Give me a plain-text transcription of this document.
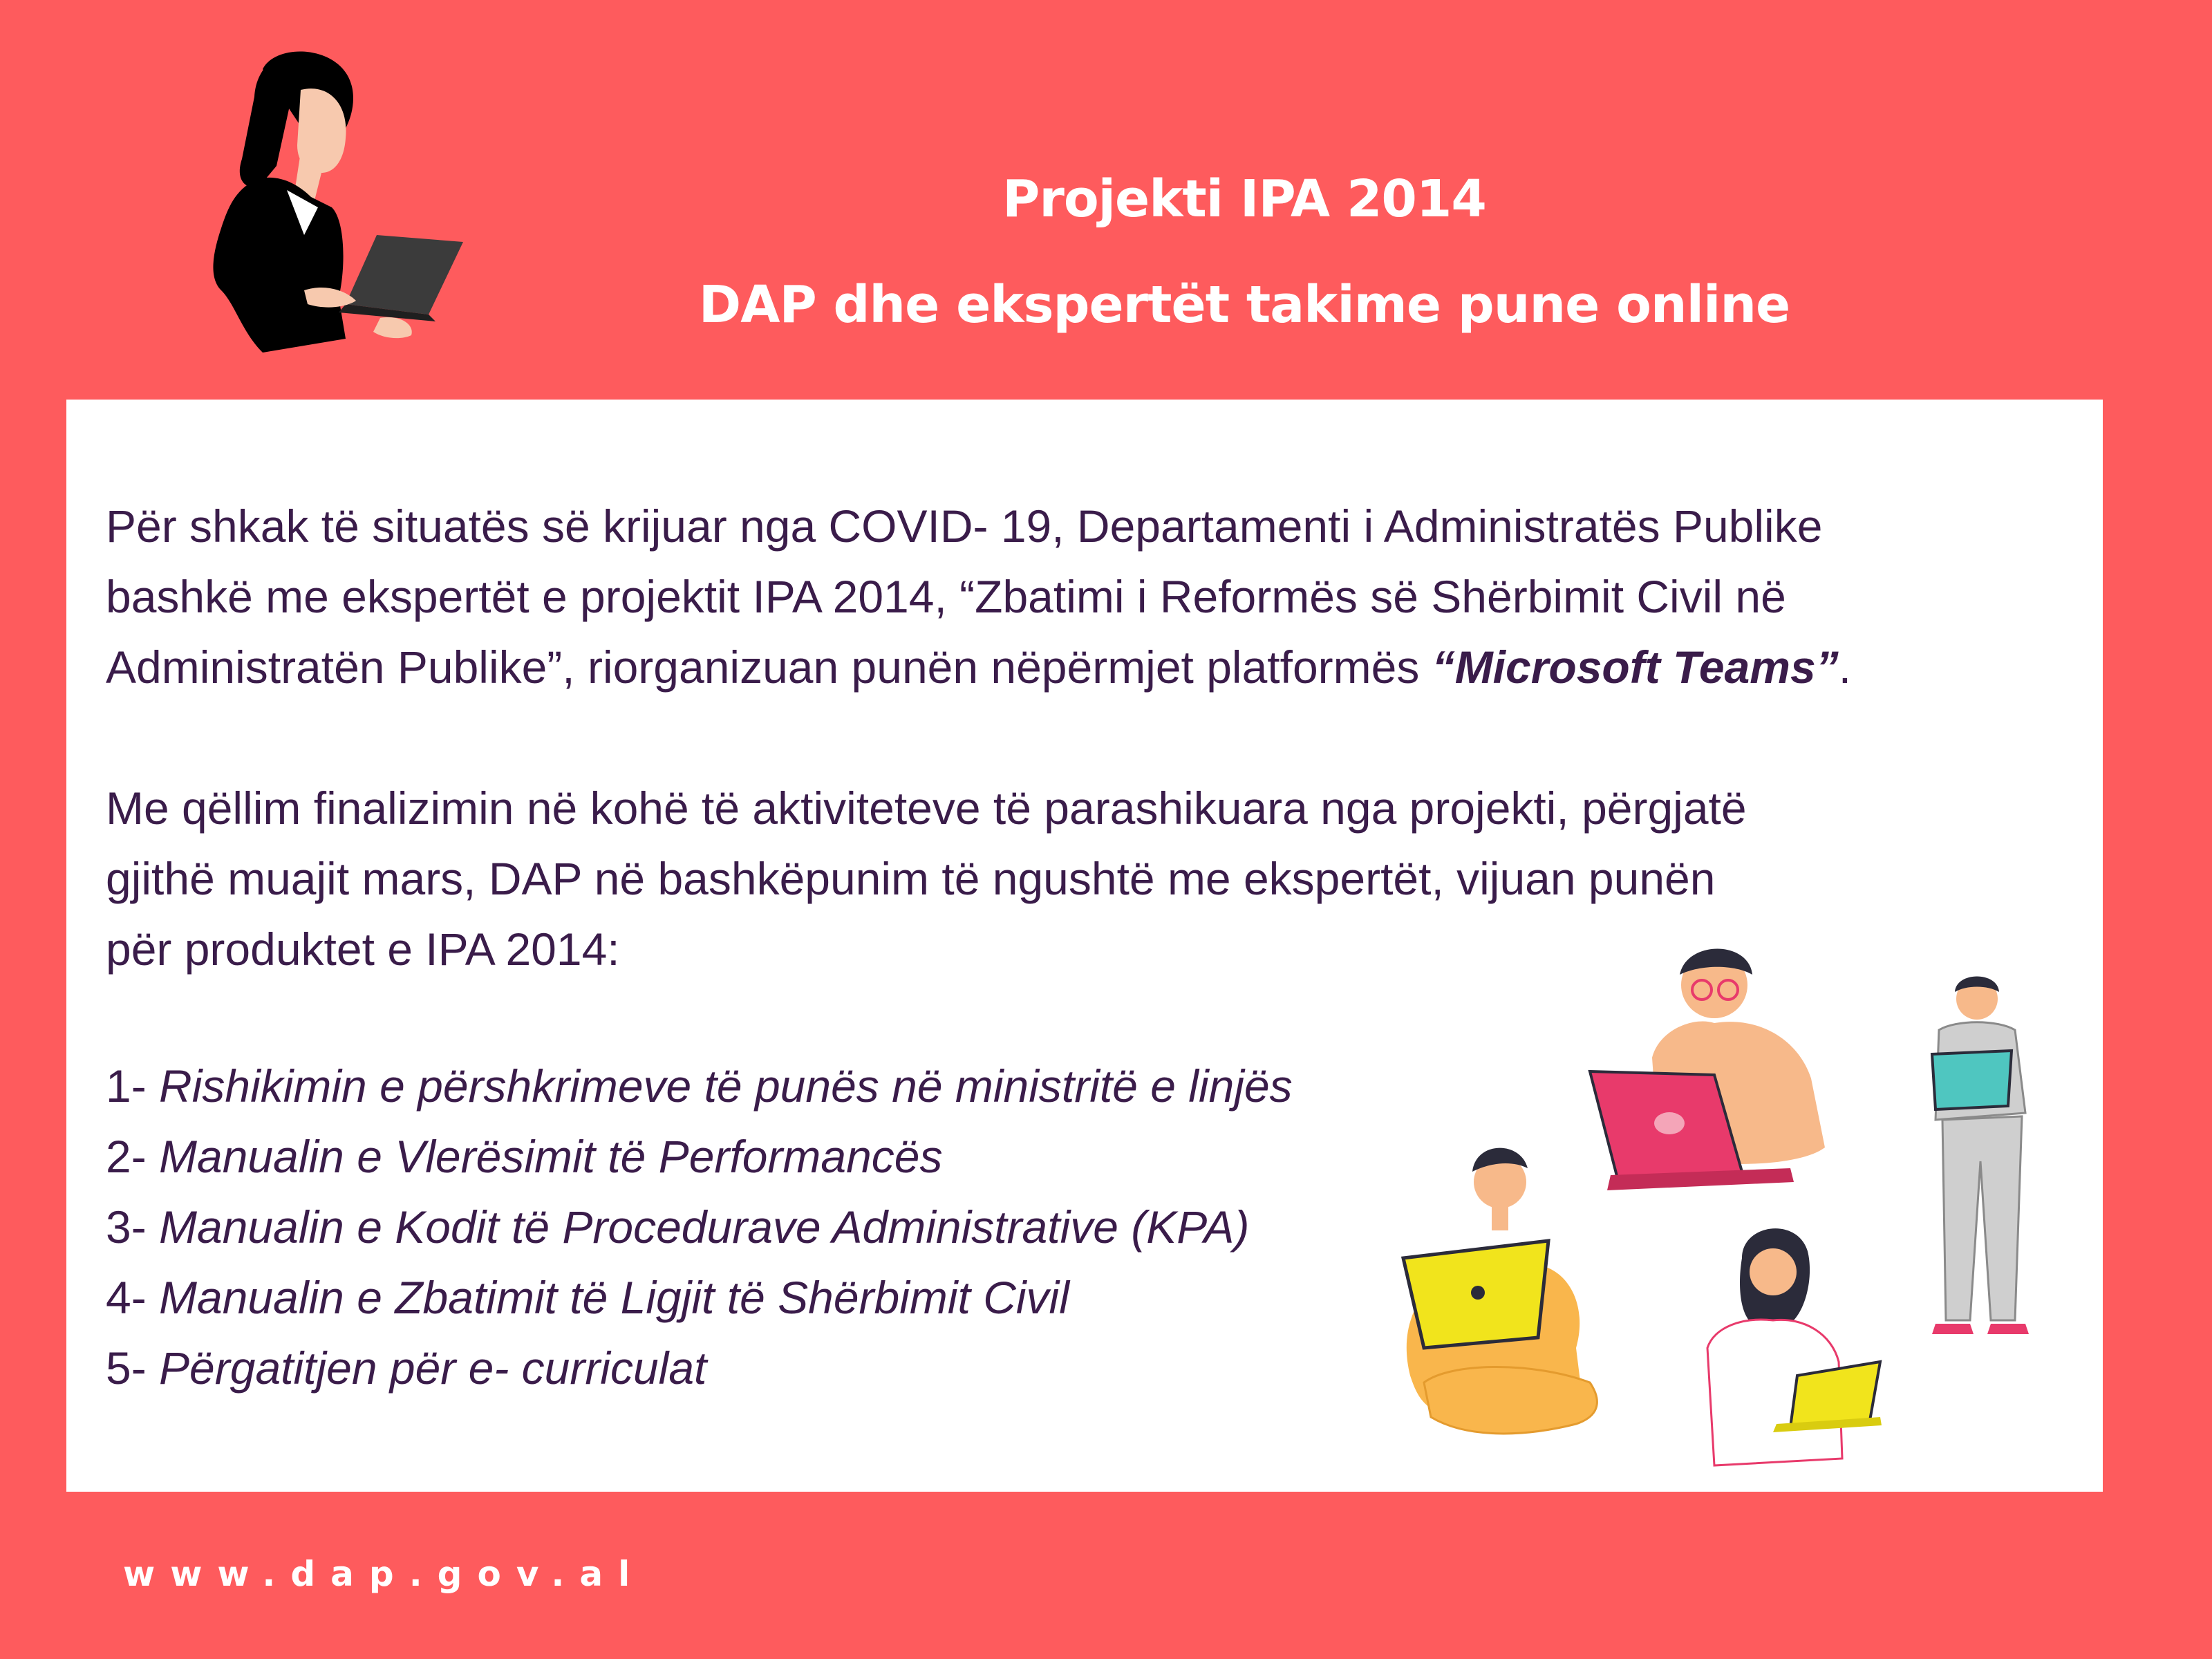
Projekti IPA 2014
DAP dhe ekspertët takime pune online

Për shkak të situatës së krijuar nga COVID- 19, Departamenti i Administratës Publike
bashkë me ekspertët e projektit IPA 2014, “Zbatimi i Reformës së Shërbimit Civil në
Administratën Publike”, riorganizuan punën nëpërmjet platformës “Microsoft Teams”.

Me qëllim finalizimin në kohë të aktiviteteve të parashikuara nga projekti, përgjatë
gjithë muajit mars, DAP në bashkëpunim të ngushtë me ekspertët, vijuan punën
për produktet e IPA 2014:

1- Rishikimin e përshkrimeve të punës në ministritë e linjës
2- Manualin e Vlerësimit të Performancës
3- Manualin e Kodit të Procedurave Administrative (KPA)
4- Manualin e Zbatimit të Ligjit të Shërbimit Civil
5- Përgatitjen për e- curriculat
www.dap.gov.al
